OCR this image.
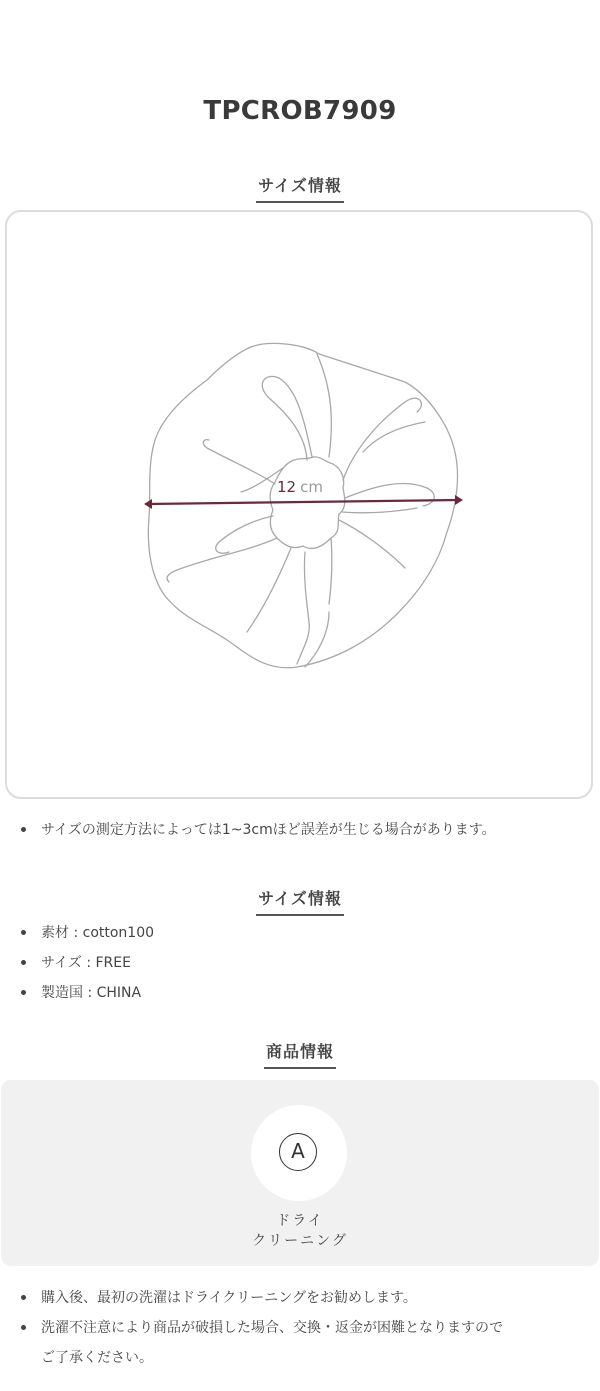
TPCROB7909
サイズ情報
12 cm
サイズの測定方法によっては1~3cmほど誤差が生じる場合があります。
サイズ情報
素材 : cotton100
サイズ : FREE
製造国 : CHINA
商品情報
A
ドライ
クリーニング
購入後、最初の洗濯はドライクリーニングをお勧めします。
洗濯不注意により商品が破損した場合、交換・返金が困難となりますので
ご了承ください。
